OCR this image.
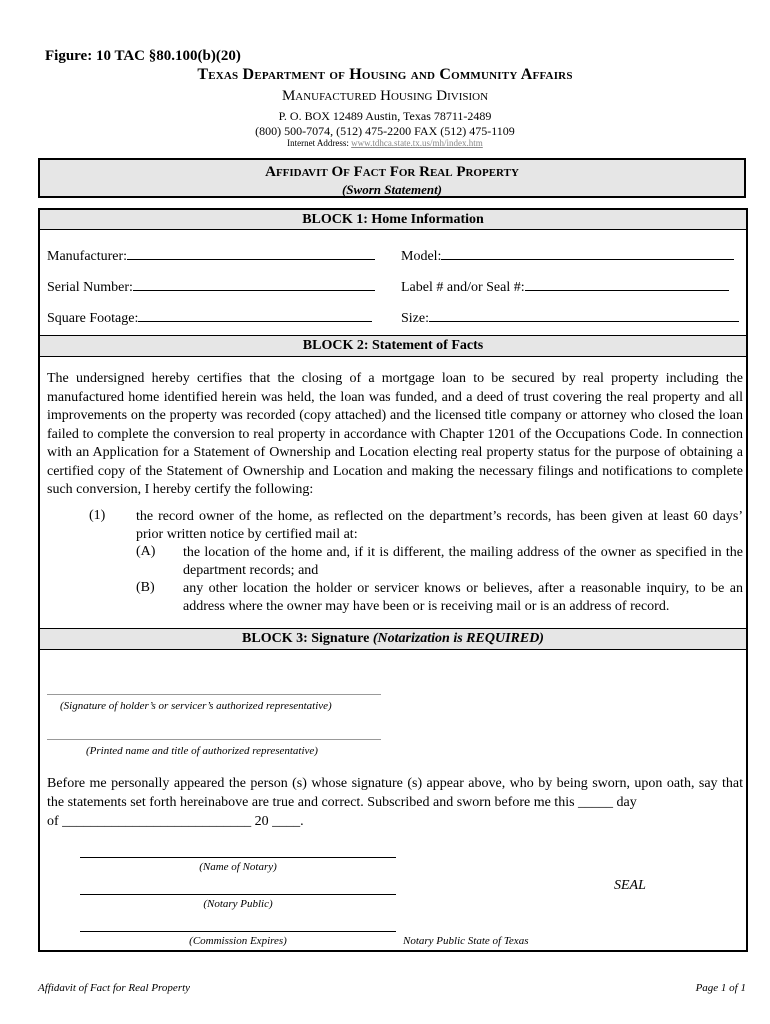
Figure: 10 TAC §80.100(b)(20)
Texas Department of Housing and Community Affairs
Manufactured Housing Division
P. O. BOX 12489 Austin, Texas 78711-2489
(800) 500-7074, (512) 475-2200 FAX (512) 475-1109
Internet Address: www.tdhca.state.tx.us/mh/index.htm
Affidavit Of Fact For Real Property
(Sworn Statement)
BLOCK 1: Home Information
Manufacturer:	Model:
Serial Number:	Label # and/or Seal #:
Square Footage:	Size:
BLOCK 2: Statement of Facts
The undersigned hereby certifies that the closing of a mortgage loan to be secured by real property including the manufactured home identified herein was held, the loan was funded, and a deed of trust covering the real property and all improvements on the property was recorded (copy attached) and the licensed title company or attorney who closed the loan failed to complete the conversion to real property in accordance with Chapter 1201 of the Occupations Code. In connection with an Application for a Statement of Ownership and Location electing real property status for the purpose of obtaining a certified copy of the Statement of Ownership and Location and making the necessary filings and notifications to complete such conversion, I hereby certify the following:
(1) the record owner of the home, as reflected on the department’s records, has been given at least 60 days’ prior written notice by certified mail at:
(A) the location of the home and, if it is different, the mailing address of the owner as specified in the department records; and
(B) any other location the holder or servicer knows or believes, after a reasonable inquiry, to be an address where the owner may have been or is receiving mail or is an address of record.
BLOCK 3: Signature (Notarization is REQUIRED)
(Signature of holder’s or servicer’s authorized representative)
(Printed name and title of authorized representative)
Before me personally appeared the person (s) whose signature (s) appear above, who by being sworn, upon oath, say that the statements set forth hereinabove are true and correct. Subscribed and sworn before me this _____ day
of ___________________________ 20 ____.
(Name of Notary)
(Notary Public)
SEAL
(Commission Expires)	Notary Public State of Texas
Affidavit of Fact for Real Property	Page 1 of 1
